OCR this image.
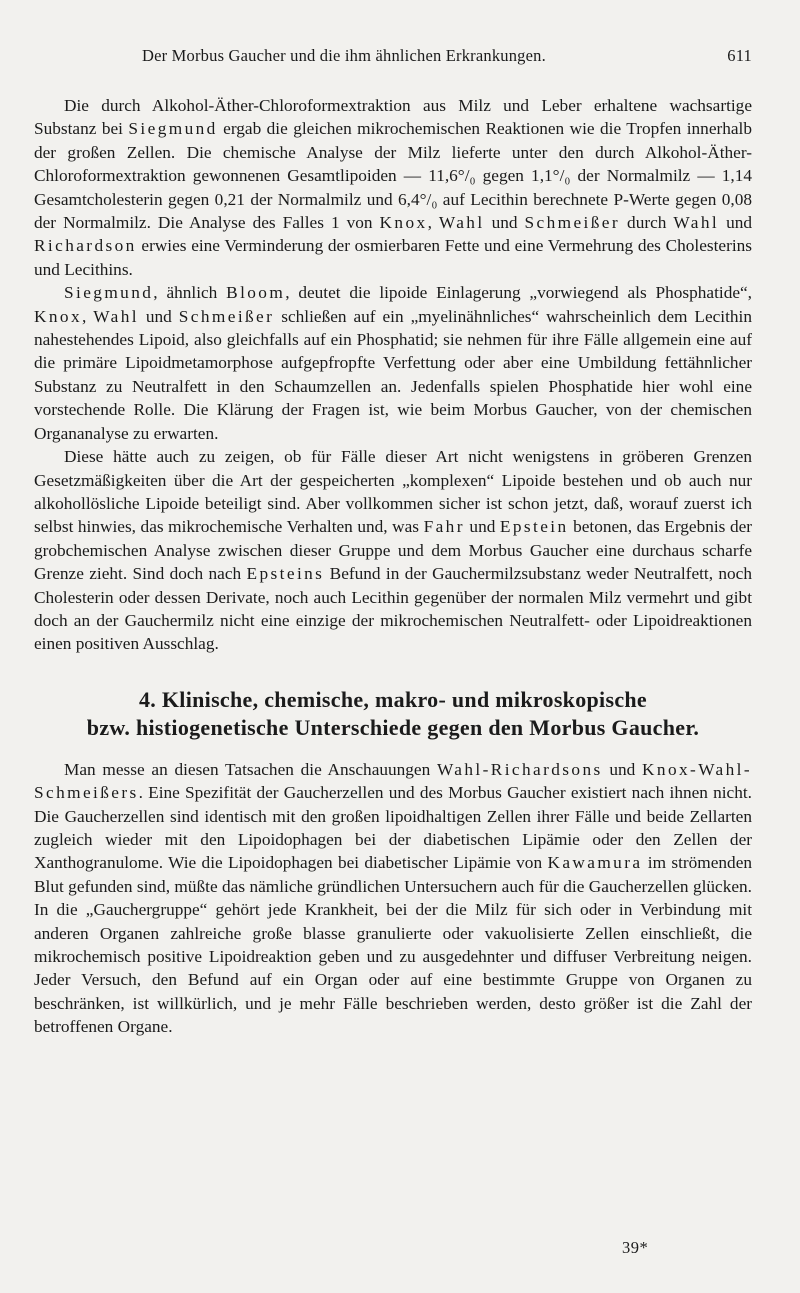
Der Morbus Gaucher und die ihm ähnlichen Erkrankungen.	611

Die durch Alkohol-Äther-Chloroformextraktion aus Milz und Leber erhaltene wachsartige Substanz bei Siegmund ergab die gleichen mikrochemischen Reaktionen wie die Tropfen innerhalb der großen Zellen. Die chemische Analyse der Milz lieferte unter den durch Alkohol-Äther-Chloroformextraktion gewonnenen Gesamtlipoiden — 11,6°/₀ gegen 1,1°/₀ der Normalmilz — 1,14 Gesamtcholesterin gegen 0,21 der Normalmilz und 6,4°/₀ auf Lecithin berechnete P-Werte gegen 0,08 der Normalmilz. Die Analyse des Falles 1 von Knox, Wahl und Schmeißer durch Wahl und Richardson erwies eine Verminderung der osmierbaren Fette und eine Vermehrung des Cholesterins und Lecithins.

Siegmund, ähnlich Bloom, deutet die lipoide Einlagerung „vorwiegend als Phosphatide“, Knox, Wahl und Schmeißer schließen auf ein „myelinähnliches“ wahrscheinlich dem Lecithin nahestehendes Lipoid, also gleichfalls auf ein Phosphatid; sie nehmen für ihre Fälle allgemein eine auf die primäre Lipoidmetamorphose aufgepfropfte Verfettung oder aber eine Umbildung fettähnlicher Substanz zu Neutralfett in den Schaumzellen an. Jedenfalls spielen Phosphatide hier wohl eine vorstechende Rolle. Die Klärung der Fragen ist, wie beim Morbus Gaucher, von der chemischen Organanalyse zu erwarten.

Diese hätte auch zu zeigen, ob für Fälle dieser Art nicht wenigstens in gröberen Grenzen Gesetzmäßigkeiten über die Art der gespeicherten „komplexen“ Lipoide bestehen und ob auch nur alkohollösliche Lipoide beteiligt sind. Aber vollkommen sicher ist schon jetzt, daß, worauf zuerst ich selbst hinwies, das mikrochemische Verhalten und, was Fahr und Epstein betonen, das Ergebnis der grobchemischen Analyse zwischen dieser Gruppe und dem Morbus Gaucher eine durchaus scharfe Grenze zieht. Sind doch nach Epsteins Befund in der Gauchermilzsubstanz weder Neutralfett, noch Cholesterin oder dessen Derivate, noch auch Lecithin gegenüber der normalen Milz vermehrt und gibt doch an der Gauchermilz nicht eine einzige der mikrochemischen Neutralfett- oder Lipoidreaktionen einen positiven Ausschlag.

4. Klinische, chemische, makro- und mikroskopische
bzw. histiogenetische Unterschiede gegen den Morbus Gaucher.

Man messe an diesen Tatsachen die Anschauungen Wahl-Richardsons und Knox-Wahl-Schmeißers. Eine Spezifität der Gaucherzellen und des Morbus Gaucher existiert nach ihnen nicht. Die Gaucherzellen sind identisch mit den großen lipoidhaltigen Zellen ihrer Fälle und beide Zellarten zugleich wieder mit den Lipoidophagen bei der diabetischen Lipämie oder den Zellen der Xanthogranulome. Wie die Lipoidophagen bei diabetischer Lipämie von Kawamura im strömenden Blut gefunden sind, müßte das nämliche gründlichen Untersuchern auch für die Gaucherzellen glücken. In die „Gauchergruppe“ gehört jede Krankheit, bei der die Milz für sich oder in Verbindung mit anderen Organen zahlreiche große blasse granulierte oder vakuolisierte Zellen einschließt, die mikrochemisch positive Lipoidreaktion geben und zu ausgedehnter und diffuser Verbreitung neigen. Jeder Versuch, den Befund auf ein Organ oder auf eine bestimmte Gruppe von Organen zu beschränken, ist willkürlich, und je mehr Fälle beschrieben werden, desto größer ist die Zahl der betroffenen Organe.

39*
